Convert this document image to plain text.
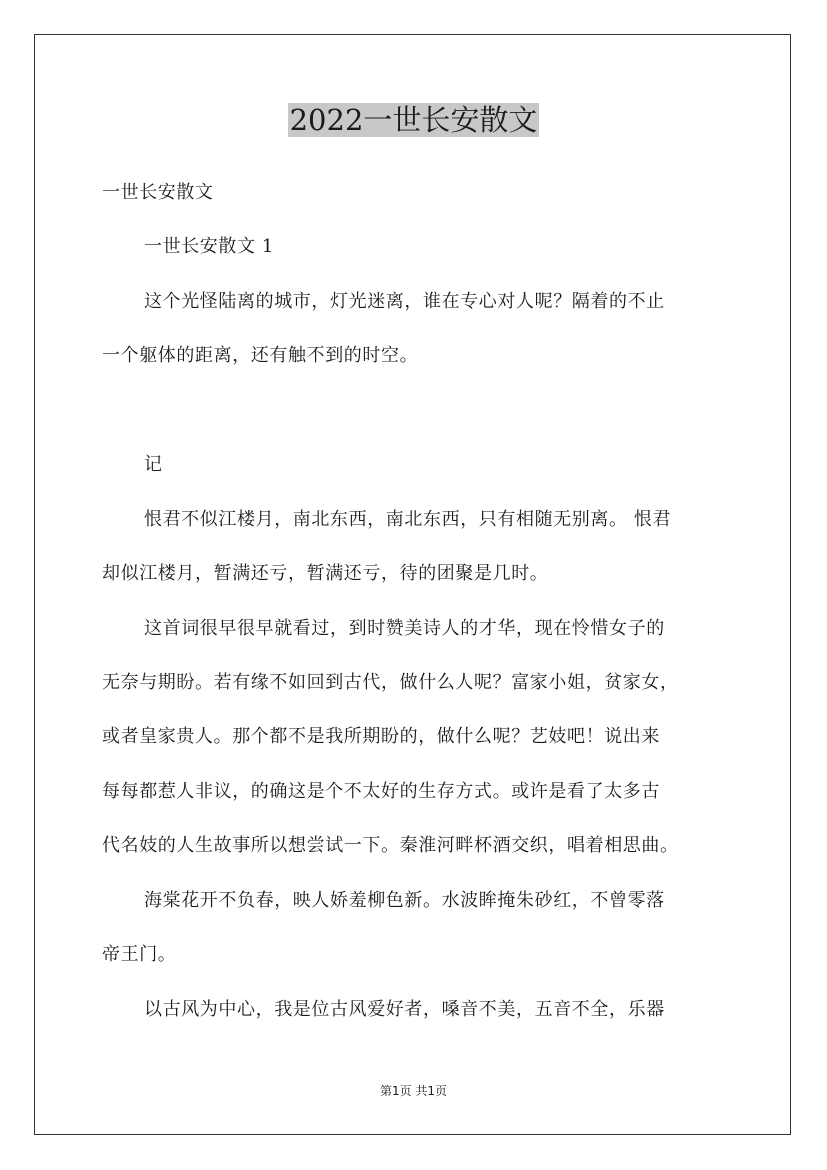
2022一世长安散文
一世长安散文
一世长安散文 1
这个光怪陆离的城市，灯光迷离，谁在专心对人呢？隔着的不止
一个躯体的距离，还有触不到的时空。
记
恨君不似江楼月，南北东西，南北东西，只有相随无别离。 恨君
却似江楼月，暂满还亏，暂满还亏，待的团聚是几时。
这首词很早很早就看过，到时赞美诗人的才华，现在怜惜女子的
无奈与期盼。若有缘不如回到古代，做什么人呢？富家小姐，贫家女，
或者皇家贵人。那个都不是我所期盼的，做什么呢？艺妓吧！说出来
每每都惹人非议，的确这是个不太好的生存方式。或许是看了太多古
代名妓的人生故事所以想尝试一下。秦淮河畔杯酒交织，唱着相思曲。
海棠花开不负春，映人娇羞柳色新。水波眸掩朱砂红，不曾零落
帝王门。
以古风为中心，我是位古风爱好者，嗓音不美，五音不全，乐器
第1页 共1页
